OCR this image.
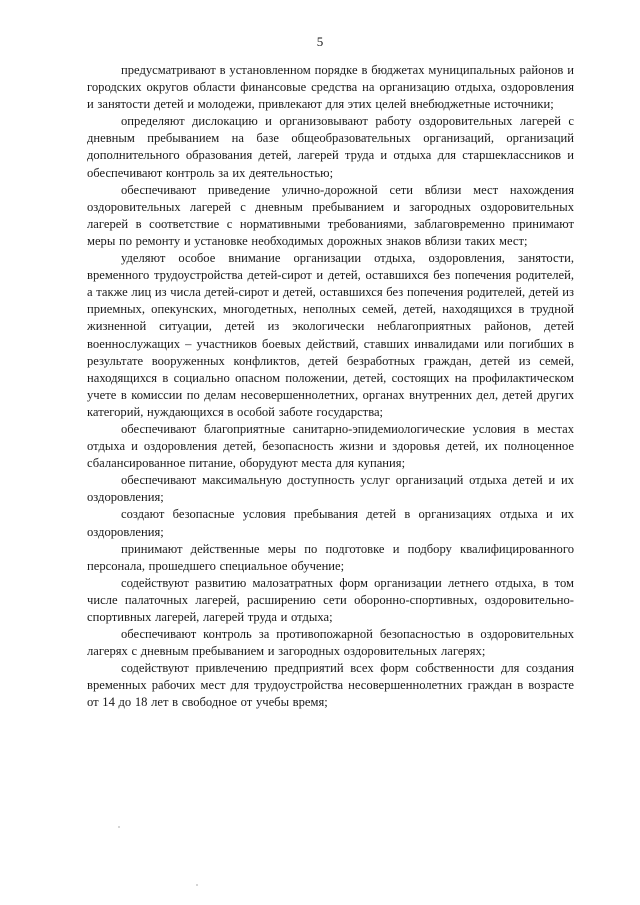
5

предусматривают в установленном порядке в бюджетах муниципальных районов и городских округов области финансовые средства на организацию отдыха, оздоровления и занятости детей и молодежи, привлекают для этих целей внебюджетные источники;

определяют дислокацию и организовывают работу оздоровительных лагерей с дневным пребыванием на базе общеобразовательных организаций, организаций дополнительного образования детей, лагерей труда и отдыха для старшеклассников и обеспечивают контроль за их деятельностью;

обеспечивают приведение улично-дорожной сети вблизи мест нахождения оздоровительных лагерей с дневным пребыванием и загородных оздоровительных лагерей в соответствие с нормативными требованиями, заблаговременно принимают меры по ремонту и установке необходимых дорожных знаков вблизи таких мест;

уделяют особое внимание организации отдыха, оздоровления, занятости, временного трудоустройства детей-сирот и детей, оставшихся без попечения родителей, а также лиц из числа детей-сирот и детей, оставшихся без попечения родителей, детей из приемных, опекунских, многодетных, неполных семей, детей, находящихся в трудной жизненной ситуации, детей из экологически неблагоприятных районов, детей военнослужащих – участников боевых действий, ставших инвалидами или погибших в результате вооруженных конфликтов, детей безработных граждан, детей из семей, находящихся в социально опасном положении, детей, состоящих на профилактическом учете в комиссии по делам несовершеннолетних, органах внутренних дел, детей других категорий, нуждающихся в особой заботе государства;

обеспечивают благоприятные санитарно-эпидемиологические условия в местах отдыха и оздоровления детей, безопасность жизни и здоровья детей, их полноценное сбалансированное питание, оборудуют места для купания;

обеспечивают максимальную доступность услуг организаций отдыха детей и их оздоровления;

создают безопасные условия пребывания детей в организациях отдыха и их оздоровления;

принимают действенные меры по подготовке и подбору квалифицированного персонала, прошедшего специальное обучение;

содействуют развитию малозатратных форм организации летнего отдыха, в том числе палаточных лагерей, расширению сети оборонно-спортивных, оздоровительно-спортивных лагерей, лагерей труда и отдыха;

обеспечивают контроль за противопожарной безопасностью в оздоровительных лагерях с дневным пребыванием и загородных оздоровительных лагерях;

содействуют привлечению предприятий всех форм собственности для создания временных рабочих мест для трудоустройства несовершеннолетних граждан в возрасте от 14 до 18 лет в свободное от учебы время;
